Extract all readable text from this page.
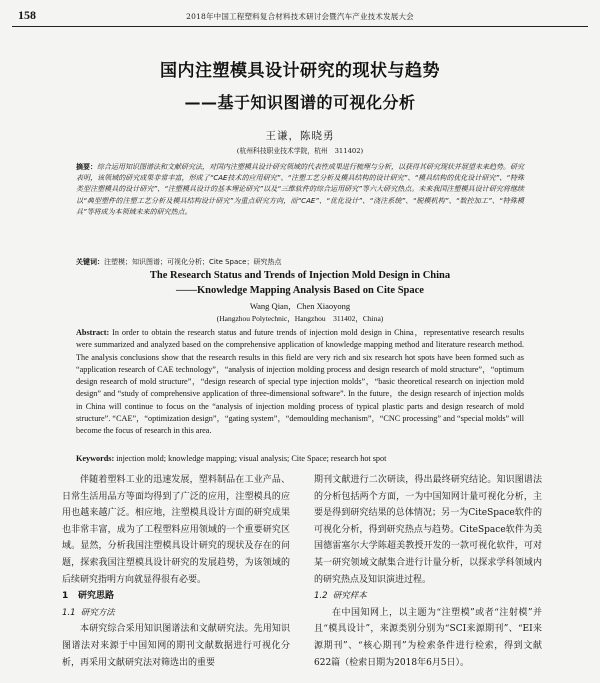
158	2018年中国工程塑料复合材料技术研讨会暨汽车产业技术发展大会
国内注塑模具设计研究的现状与趋势
——基于知识图谱的可视化分析
王谦，陈晓勇
(杭州科技职业技术学院，杭州　311402)
摘要：综合运用知识图谱法和文献研究法，对国内注塑模具设计研究领域的代表性成果进行梳理与分析，以获得其研究现状并展望未来趋势。研究表明，该领域的研究成果非常丰富，形成了“CAE技术的应用研究”、“注塑工艺分析及模具结构的设计研究”、“模具结构的优化设计研究”、“特殊类型注塑模具的设计研究”、“注塑模具设计的基本理论研究”以及“三维软件的综合运用研究”等六大研究热点。未来我国注塑模具设计研究将继续以“典型塑件的注塑工艺分析及模具结构设计研究”为重点研究方向，而“CAE”、“优化设计”、“浇注系统”、“脱模机构”、“数控加工”、“特殊模具”等将成为本领域未来的研究热点。
关键词：注塑模；知识图谱；可视化分析；Cite Space；研究热点
The Research Status and Trends of Injection Mold Design in China
——Knowledge Mapping Analysis Based on Cite Space
Wang Qian，Chen Xiaoyong
(Hangzhou Polytechnic，Hangzhou　311402，China)
Abstract: In order to obtain the research status and future trends of injection mold design in China，representative research results were summarized and analyzed based on the comprehensive application of knowledge mapping method and literature research method. The analysis conclusions show that the research results in this field are very rich and six research hot spots have been formed such as “application research of CAE technology”，“analysis of injection molding process and design research of mold structure”，“optimum design research of mold structure”，“design research of special type injection molds”，“basic theoretical research on injection mold design” and “study of comprehensive application of three-dimensional software”. In the future，the design research of injection molds in China will continue to focus on the “analysis of injection molding process of typical plastic parts and design research of mold structure”. “CAE”，“optimization design”，“gating system”，“demoulding mechanism”，“CNC processing” and “special molds” will become the focus of research in this area.
Keywords: injection mold; knowledge mapping; visual analysis; Cite Space; research hot spot

伴随着塑料工业的迅速发展，塑料制品在工业产品、日常生活用品方等面均得到了广泛的应用，注塑模具的应用也越来越广泛。相应地，注塑模具设计方面的研究成果也非常丰富，成为了工程塑料应用领域的一个重要研究区域。显然，分析我国注塑模具设计研究的现状及存在的问题，探索我国注塑模具设计研究的发展趋势，为该领域的后续研究指明方向就显得很有必要。

1 研究思路
1.1 研究方法

本研究综合采用知识图谱法和文献研究法。先用知识图谱法对来源于中国知网的期刊文献数据进行可视化分析，再采用文献研究法对筛选出的重要

期刊文献进行二次研读，得出最终研究结论。知识图谱法的分析包括两个方面，一为中国知网计量可视化分析，主要是得到研究结果的总体情况；另一为CiteSpace软件的可视化分析，得到研究热点与趋势。CiteSpace软件为美国德雷塞尔大学陈超美教授开发的一款可视化软件，可对某一研究领域文献集合进行计量分析，以探求学科领域内的研究热点及知识演进过程。

1.2 研究样本

在中国知网上，以主题为“注塑模”或者“注射模”并且“模具设计”，来源类别分别为“SCI来源期刊”、“EI来源期刊”、“核心期刊”为检索条件进行检索，得到文献622篇（检索日期为2018年6月5日）。
